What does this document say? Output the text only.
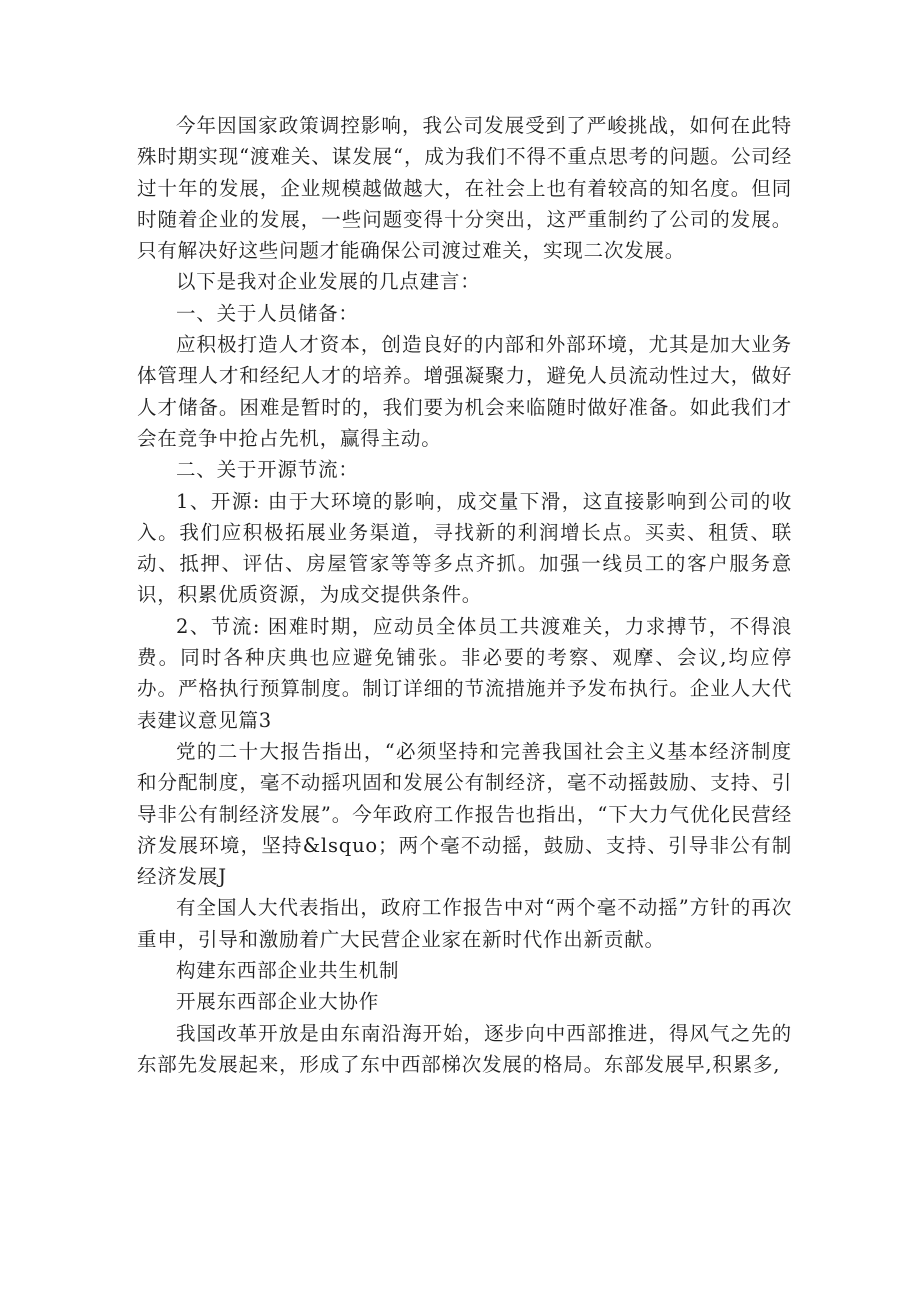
今年因国家政策调控影响，我公司发展受到了严峻挑战，如何在此特殊时期实现“渡难关、谋发展“，成为我们不得不重点思考的问题。公司经过十年的发展，企业规模越做越大，在社会上也有着较高的知名度。但同时随着企业的发展，一些问题变得十分突出，这严重制约了公司的发展。只有解决好这些问题才能确保公司渡过难关，实现二次发展。

以下是我对企业发展的几点建言：

一、关于人员储备：

应积极打造人才资本，创造良好的内部和外部环境，尤其是加大业务体管理人才和经纪人才的培养。增强凝聚力，避免人员流动性过大，做好人才储备。困难是暂时的，我们要为机会来临随时做好准备。如此我们才会在竞争中抢占先机，赢得主动。

二、关于开源节流：

1、开源: 由于大环境的影响，成交量下滑，这直接影响到公司的收入。我们应积极拓展业务渠道，寻找新的利润增长点。买卖、租赁、联动、抵押、评估、房屋管家等等多点齐抓。加强一线员工的客户服务意识，积累优质资源，为成交提供条件。

2、节流: 困难时期，应动员全体员工共渡难关，力求搏节，不得浪费。同时各种庆典也应避免铺张。非必要的考察、观摩、会议,均应停办。严格执行预算制度。制订详细的节流措施并予发布执行。企业人大代表建议意见篇3

党的二十大报告指出，“必须坚持和完善我国社会主义基本经济制度和分配制度，毫不动摇巩固和发展公有制经济，毫不动摇鼓励、支持、引导非公有制经济发展”。今年政府工作报告也指出，“下大力气优化民营经济发展环境，坚持&lsquo；两个毫不动摇，鼓励、支持、引导非公有制经济发展J

有全国人大代表指出，政府工作报告中对“两个毫不动摇”方针的再次重申，引导和激励着广大民营企业家在新时代作出新贡献。

构建东西部企业共生机制

开展东西部企业大协作

我国改革开放是由东南沿海开始，逐步向中西部推进，得风气之先的东部先发展起来，形成了东中西部梯次发展的格局。东部发展早,积累多,
